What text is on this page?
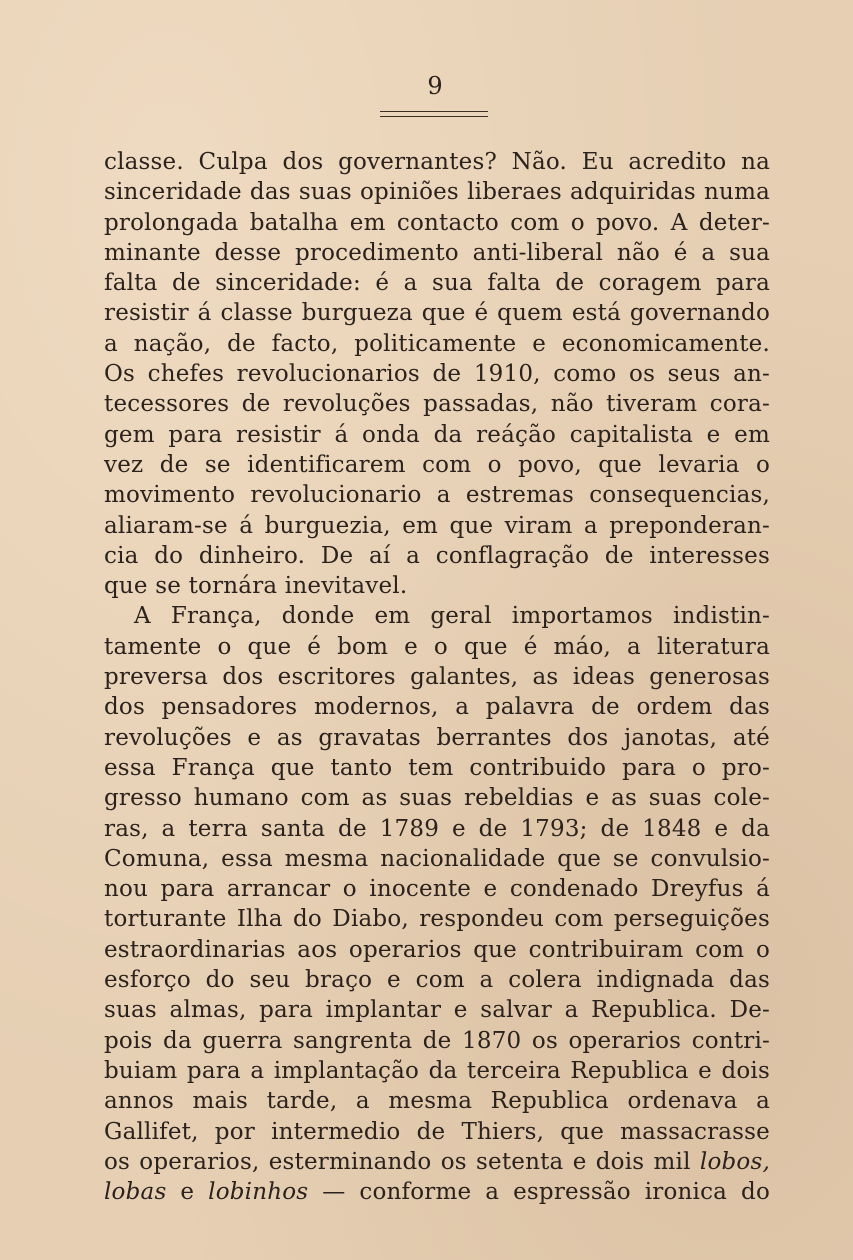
9
classe. Culpa dos governantes? Não. Eu acredito na
sinceridade das suas opiniões liberaes adquiridas numa
prolongada batalha em contacto com o povo. A deter-
minante desse procedimento anti-liberal não é a sua
falta de sinceridade: é a sua falta de coragem para
resistir á classe burgueza que é quem está governando
a nação, de facto, politicamente e economicamente.
Os chefes revolucionarios de 1910, como os seus an-
tecessores de revoluções passadas, não tiveram cora-
gem para resistir á onda da reáção capitalista e em
vez de se identificarem com o povo, que levaria o
movimento revolucionario a estremas consequencias,
aliaram-se á burguezia, em que viram a preponderan-
cia do dinheiro. De aí a conflagração de interesses
que se tornára inevitavel.
A França, donde em geral importamos indistin-
tamente o que é bom e o que é máo, a literatura
preversa dos escritores galantes, as ideas generosas
dos pensadores modernos, a palavra de ordem das
revoluções e as gravatas berrantes dos janotas, até
essa França que tanto tem contribuido para o pro-
gresso humano com as suas rebeldias e as suas cole-
ras, a terra santa de 1789 e de 1793; de 1848 e da
Comuna, essa mesma nacionalidade que se convulsio-
nou para arrancar o inocente e condenado Dreyfus á
torturante Ilha do Diabo, respondeu com perseguições
estraordinarias aos operarios que contribuiram com o
esforço do seu braço e com a colera indignada das
suas almas, para implantar e salvar a Republica. De-
pois da guerra sangrenta de 1870 os operarios contri-
buiam para a implantação da terceira Republica e dois
annos mais tarde, a mesma Republica ordenava a
Gallifet, por intermedio de Thiers, que massacrasse
os operarios, esterminando os setenta e dois mil lobos,
lobas e lobinhos — conforme a espressão ironica do
